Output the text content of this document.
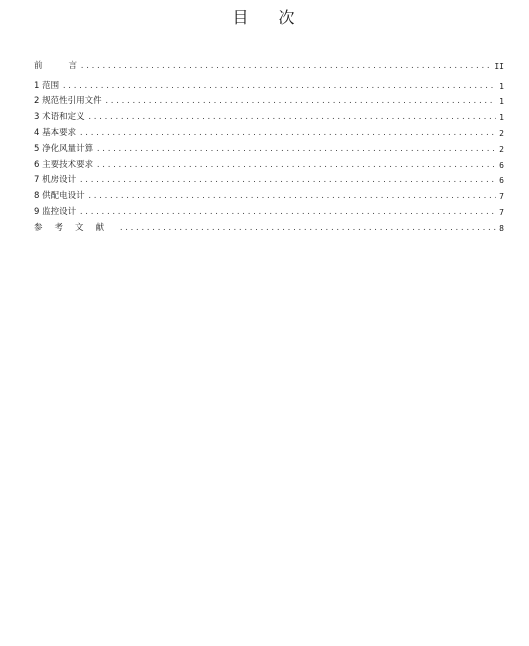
目 次
前	言 .....	II
1 范围 .....	1
2 规范性引用文件 .....	1
3 术语和定义 .....	1
4 基本要求 .....	2
5 净化风量计算 .....	2
6 主要技术要求 .....	6
7 机房设计 .....	6
8 供配电设计 .....	7
9 监控设计 .....	7
参 考 文 献 .....	8
